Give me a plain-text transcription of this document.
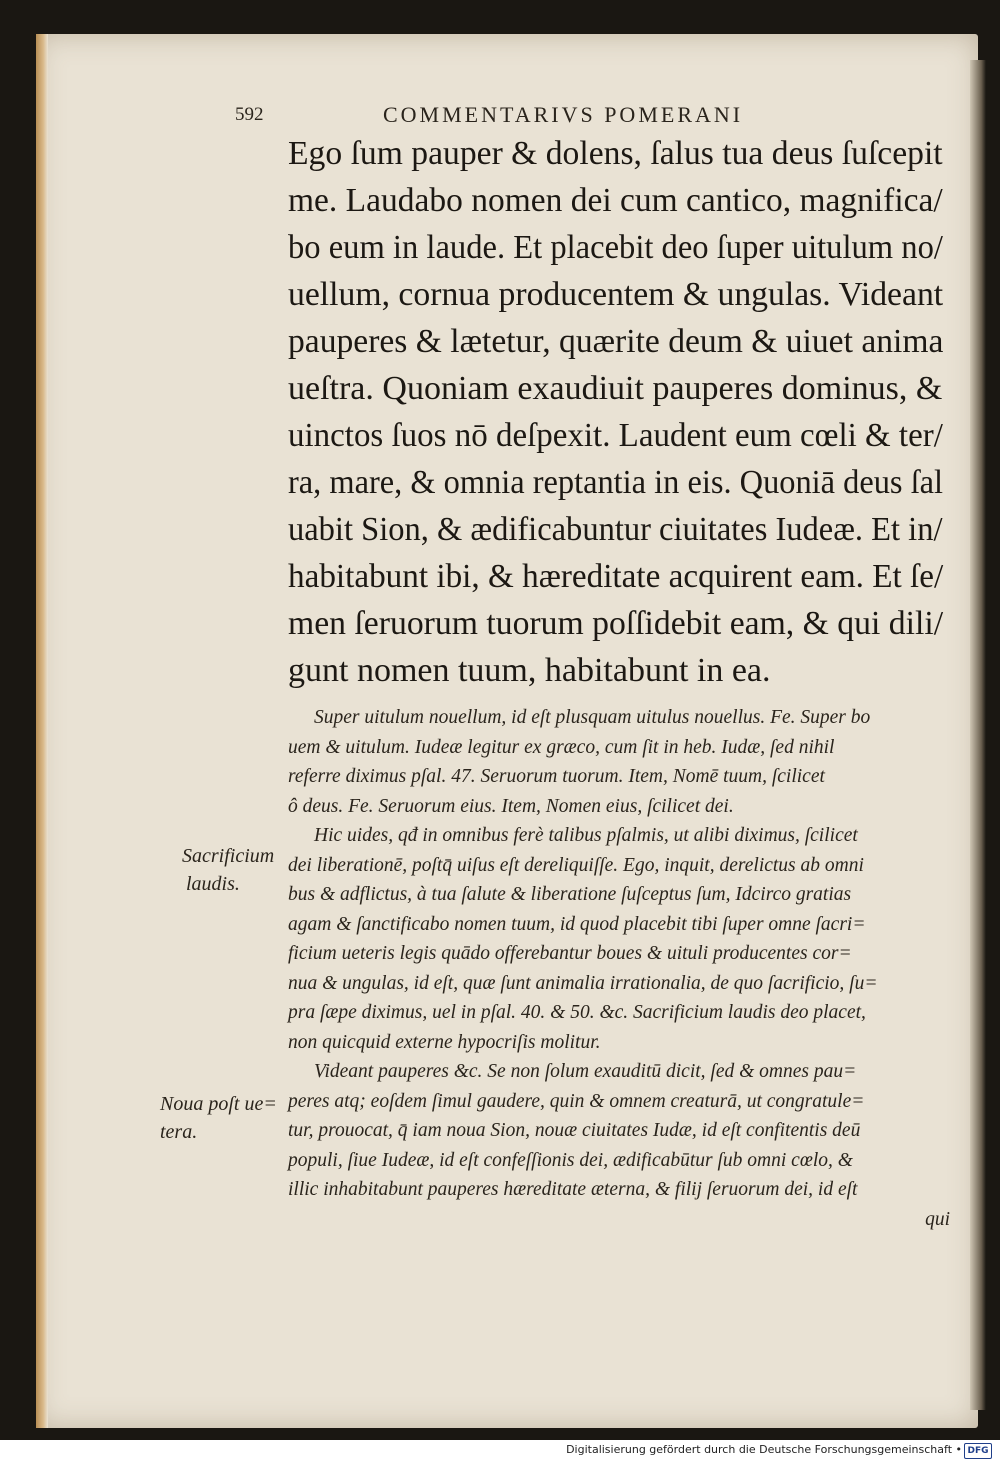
592	COMMENTARIVS POMERANI
Ego ſum pauper & dolens, ſalus tua deus ſuſcepit
me. Laudabo nomen dei cum cantico, magnifica/
bo eum in laude. Et placebit deo ſuper uitulum no/
uellum, cornua producentem & ungulas. Videant
pauperes & lætetur, quærite deum & uiuet anima
ueſtra. Quoniam exaudiuit pauperes dominus, &
uinctos ſuos nō deſpexit. Laudent eum cœli & ter/
ra, mare, & omnia reptantia in eis. Quoniā deus ſal
uabit Sion, & ædificabuntur ciuitates Iudeæ. Et in/
habitabunt ibi, & hæreditate acquirent eam. Et ſe/
men ſeruorum tuorum poſſidebit eam, & qui dili/
gunt nomen tuum, habitabunt in ea.
Super uitulum nouellum, id eſt plusquam uitulus nouellus. Fe. Super bo
uem & uitulum. Iudeæ legitur ex græco, cum ſit in heb. Iudæ, ſed nihil
referre diximus pſal. 47. Seruorum tuorum. Item, Nomē tuum, ſcilicet
ô deus. Fe. Seruorum eius. Item, Nomen eius, ſcilicet dei.
Hic uides, qđ in omnibus ferè talibus pſalmis, ut alibi diximus, ſcilicet
dei liberationē, poſtq̄ uiſus eſt dereliquiſſe. Ego, inquit, derelictus ab omni
bus & adflictus, à tua ſalute & liberatione ſuſceptus ſum, Idcirco gratias
agam & ſanctificabo nomen tuum, id quod placebit tibi ſuper omne ſacri=
ficium ueteris legis quādo offerebantur boues & uituli producentes cor=
nua & ungulas, id eſt, quæ ſunt animalia irrationalia, de quo ſacrificio, ſu=
pra ſæpe diximus, uel in pſal. 40. & 50. &c. Sacrificium laudis deo placet,
non quicquid externe hypocriſis molitur.
Videant pauperes &c. Se non ſolum exauditū dicit, ſed & omnes pau=
peres atq; eoſdem ſimul gaudere, quin & omnem creaturā, ut congratule=
tur, prouocat, q̄ iam noua Sion, nouæ ciuitates Iudæ, id eſt confitentis deū
populi, ſiue Iudeæ, id eſt confeſſionis dei, ædificabūtur ſub omni cœlo, &
illic inhabitabunt pauperes hæreditate æterna, & filij ſeruorum dei, id eſt
qui
Sacrificium
laudis.
Noua poſt ue=
tera.
Digitalisierung gefördert durch die Deutsche Forschungsgemeinschaft • DFG
